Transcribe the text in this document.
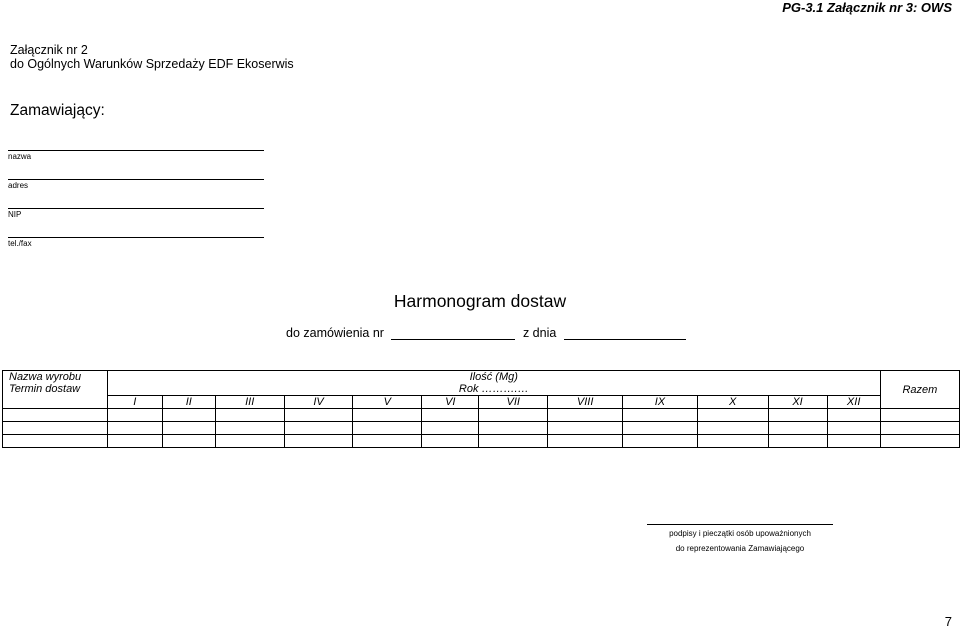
PG-3.1 Załącznik nr 3: OWS
Załącznik nr 2
do Ogólnych Warunków Sprzedaży EDF Ekoserwis
Zamawiający:
nazwa
adres
NIP
tel./fax
Harmonogram dostaw
do zamówienia nr	z dnia
Nazwa wyrobu
Termin dostaw	Ilość (Mg)												Razem
	Rok ……….…												
	I	II	III	IV	V	VI	VII	VIII	IX	X	XI	XII	

podpisy i pieczątki osób upoważnionych
do reprezentowania Zamawiającego
7
